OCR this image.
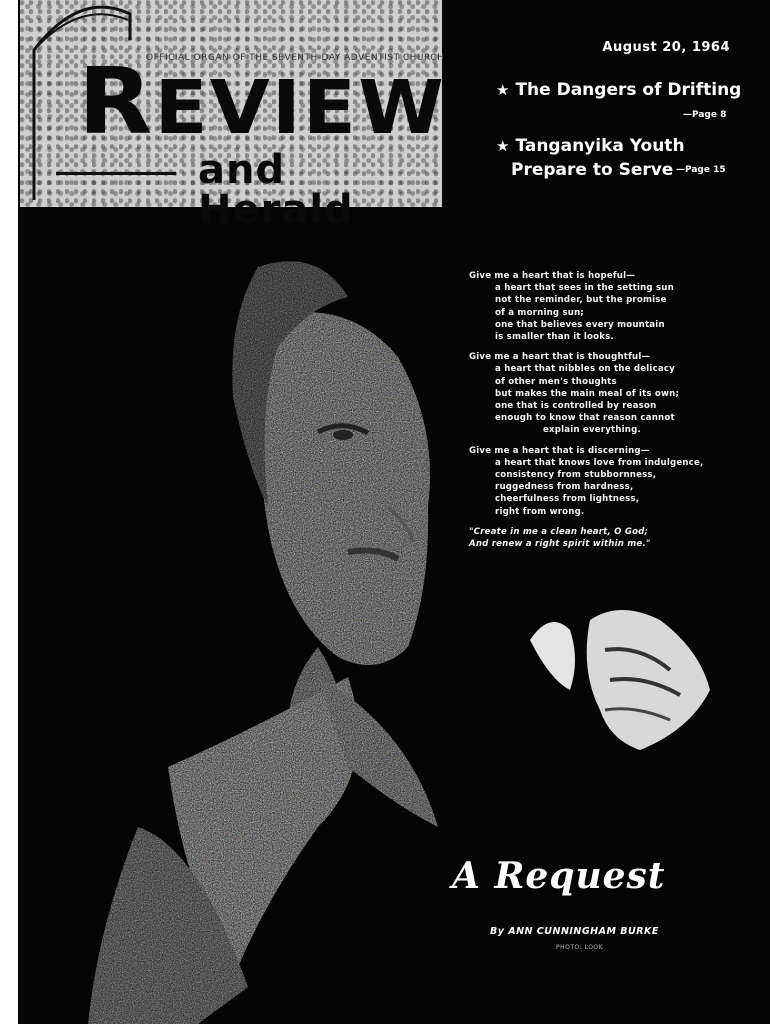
OFFICIAL ORGAN OF THE SEVENTH-DAY ADVENTIST CHURCH
REVIEW
and Herald
August 20, 1964
★ The Dangers of Drifting
—Page 8
★ Tanganyika Youth
Prepare to Serve —Page 15
Give me a heart that is hopeful—
a heart that sees in the setting sun
not the reminder, but the promise
of a morning sun;
one that believes every mountain
is smaller than it looks.
Give me a heart that is thoughtful—
a heart that nibbles on the delicacy
of other men's thoughts
but makes the main meal of its own;
one that is controlled by reason
enough to know that reason cannot
explain everything.
Give me a heart that is discerning—
a heart that knows love from indulgence,
consistency from stubbornness,
ruggedness from hardness,
cheerfulness from lightness,
right from wrong.
"Create in me a clean heart, O God;
And renew a right spirit within me."
A Request
By ANN CUNNINGHAM BURKE
PHOTO: LOOK
